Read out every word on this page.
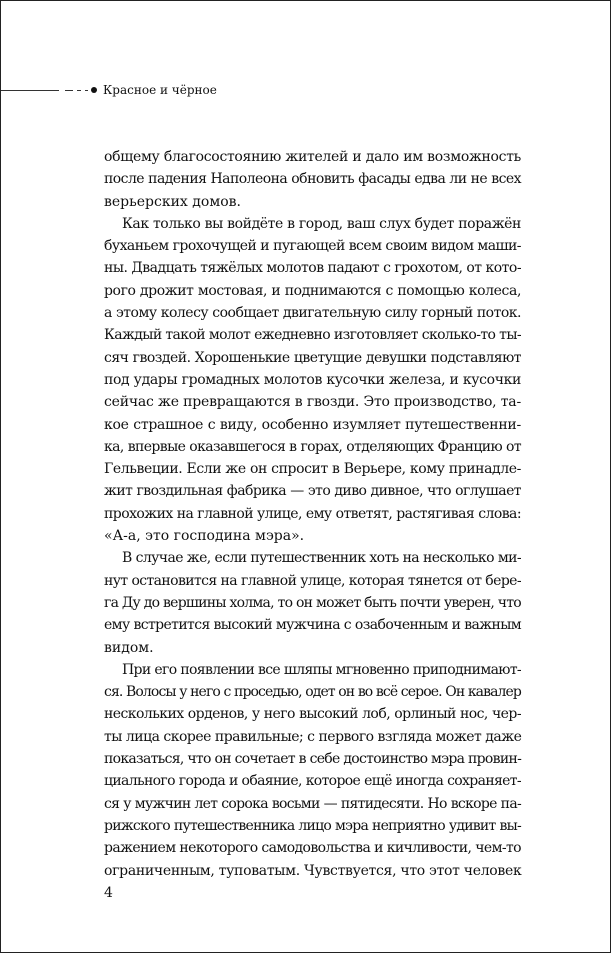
Красное и чёрное
общему благосостоянию жителей и дало им возможность
после падения Наполеона обновить фасады едва ли не всех
верьерских домов.
Как только вы войдёте в город, ваш слух будет поражён
буханьем грохочущей и пугающей всем своим видом маши-
ны. Двадцать тяжёлых молотов падают с грохотом, от кото-
рого дрожит мостовая, и поднимаются с помощью колеса,
а этому колесу сообщает двигательную силу горный поток.
Каждый такой молот ежедневно изготовляет сколько-то ты-
сяч гвоздей. Хорошенькие цветущие девушки подставляют
под удары громадных молотов кусочки железа, и кусочки
сейчас же превращаются в гвозди. Это производство, та-
кое страшное с виду, особенно изумляет путешественни-
ка, впервые оказавшегося в горах, отделяющих Францию от
Гельвеции. Если же он спросит в Верьере, кому принадле-
жит гвоздильная фабрика — это диво дивное, что оглушает
прохожих на главной улице, ему ответят, растягивая слова:
«А-а, это господина мэра».
В случае же, если путешественник хоть на несколько ми-
нут остановится на главной улице, которая тянется от бере-
га Ду до вершины холма, то он может быть почти уверен, что
ему встретится высокий мужчина с озабоченным и важным
видом.
При его появлении все шляпы мгновенно приподнимают-
ся. Волосы у него с проседью, одет он во всё серое. Он кавалер
нескольких орденов, у него высокий лоб, орлиный нос, чер-
ты лица скорее правильные; с первого взгляда может даже
показаться, что он сочетает в себе достоинство мэра провин-
циального города и обаяние, которое ещё иногда сохраняет-
ся у мужчин лет сорока восьми — пятидесяти. Но вскоре па-
рижского путешественника лицо мэра неприятно удивит вы-
ражением некоторого самодовольства и кичливости, чем-то
ограниченным, туповатым. Чувствуется, что этот человек
4
